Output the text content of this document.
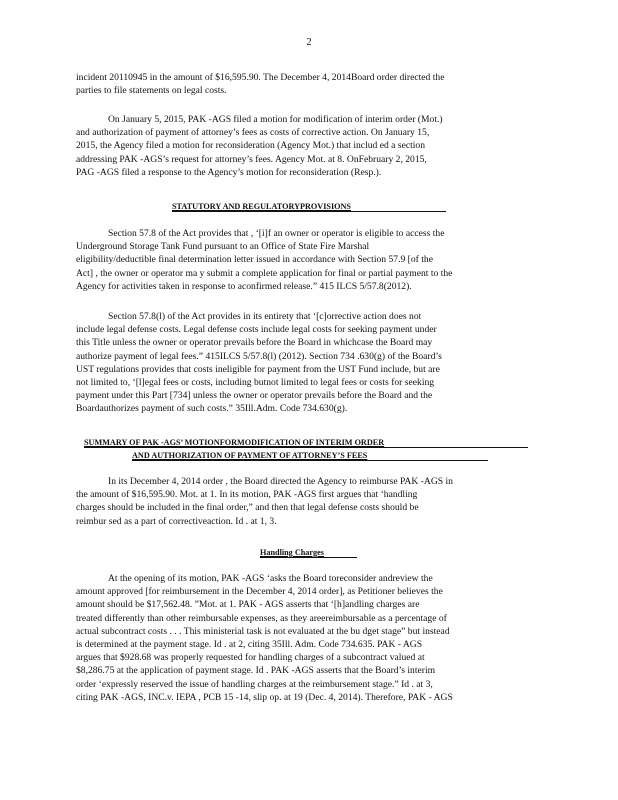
2
incident 20110945 in the amount of $16,595.90. The December 4, 2014Board order directed the
parties to file statements on legal costs.
On January 5, 2015, PAK -AGS filed a motion for modification of interim order (Mot.)
and authorization of payment of attorney’s fees as costs of corrective action. On January 15,
2015, the Agency filed a motion for reconsideration (Agency Mot.) that includ ed a section
addressing PAK -AGS’s request for attorney’s fees. Agency Mot. at 8. OnFebruary 2, 2015,
PAG -AGS filed a response to the Agency’s motion for reconsideration (Resp.).
STATUTORY AND REGULATORYPROVISIONS
Section 57.8 of the Act provides that , ‘[i]f an owner or operator is eligible to access the
Underground Storage Tank Fund pursuant to an Office of State Fire Marshal
eligibility/deductible final determination letter issued in accordance with Section 57.9 [of the
Act] , the owner or operator ma y submit a complete application for final or partial payment to the
Agency for activities taken in response to aconfirmed release.” 415 ILCS 5/57.8(2012).
Section 57.8(l) of the Act provides in its entirety that ‘[c]orrective action does not
include legal defense costs. Legal defense costs include legal costs for seeking payment under
this Title unless the owner or operator prevails before the Board in whichcase the Board may
authorize payment of legal fees.” 415ILCS 5/57.8(l) (2012). Section 734 .630(g) of the Board’s
UST regulations provides that costs ineligible for payment from the UST Fund include, but are
not limited to, ‘[l]egal fees or costs, including butnot limited to legal fees or costs for seeking
payment under this Part [734] unless the owner or operator prevails before the Board and the
Boardauthorizes payment of such costs.” 35Ill.Adm. Code 734.630(g).
SUMMARY OF PAK -AGS’ MOTIONFORMODIFICATION OF INTERIM ORDER
AND AUTHORIZATION OF PAYMENT OF ATTORNEY’S FEES
In its December 4, 2014 order , the Board directed the Agency to reimburse PAK -AGS in
the amount of $16,595.90. Mot. at 1. In its motion, PAK -AGS first argues that ‘handling
charges should be included in the final order,” and then that legal defense costs should be
reimbur sed as a part of correctiveaction. Id . at 1, 3.
Handling Charges
At the opening of its motion, PAK -AGS ‘asks the Board toreconsider andreview the
amount approved [for reimbursement in the December 4, 2014 order], as Petitioner believes the
amount should be $17,562.48. ”Mot. at 1. PAK - AGS asserts that ‘[h]andling charges are
treated differently than other reimbursable expenses, as they areereimbursable as a percentage of
actual subcontract costs . . . This ministerial task is not evaluated at the bu dget stage” but instead
is determined at the payment stage. Id . at 2, citing 35Ill. Adm. Code 734.635. PAK - AGS
argues that $928.68 was properly requested for handling charges of a subcontract valued at
$8,286.75 at the application of payment stage. Id . PAK -AGS asserts that the Board’s interim
order ‘expressly reserved the issue of handling charges at the reimbursement stage.” Id . at 3,
citing PAK -AGS, INC.v. IEPA , PCB 15 -14, slip op. at 19 (Dec. 4, 2014). Therefore, PAK - AGS
